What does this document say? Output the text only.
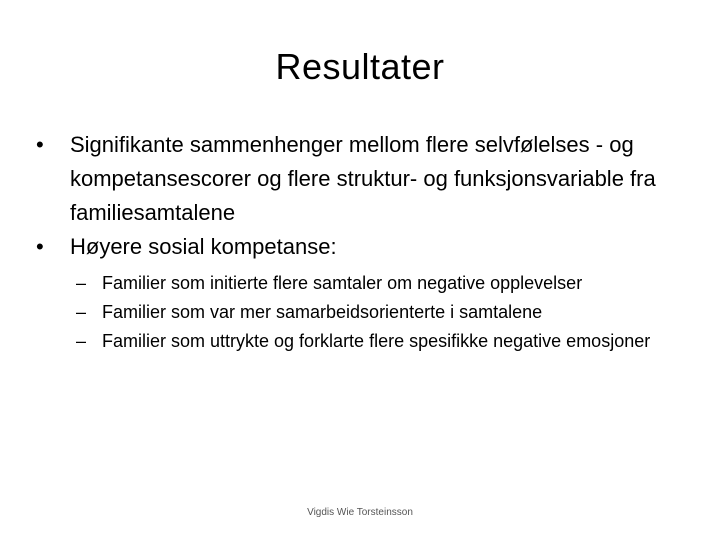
Resultater
•	Signifikante sammenhenger mellom flere selvfølelses - og kompetansescorer og flere struktur- og funksjonsvariable fra familiesamtalene
•	Høyere sosial kompetanse:
– Familier som initierte flere samtaler om negative opplevelser
– Familier som var mer samarbeidsorienterte i samtalene
– Familier som uttrykte og forklarte flere spesifikke negative emosjoner
Vigdis Wie Torsteinsson
